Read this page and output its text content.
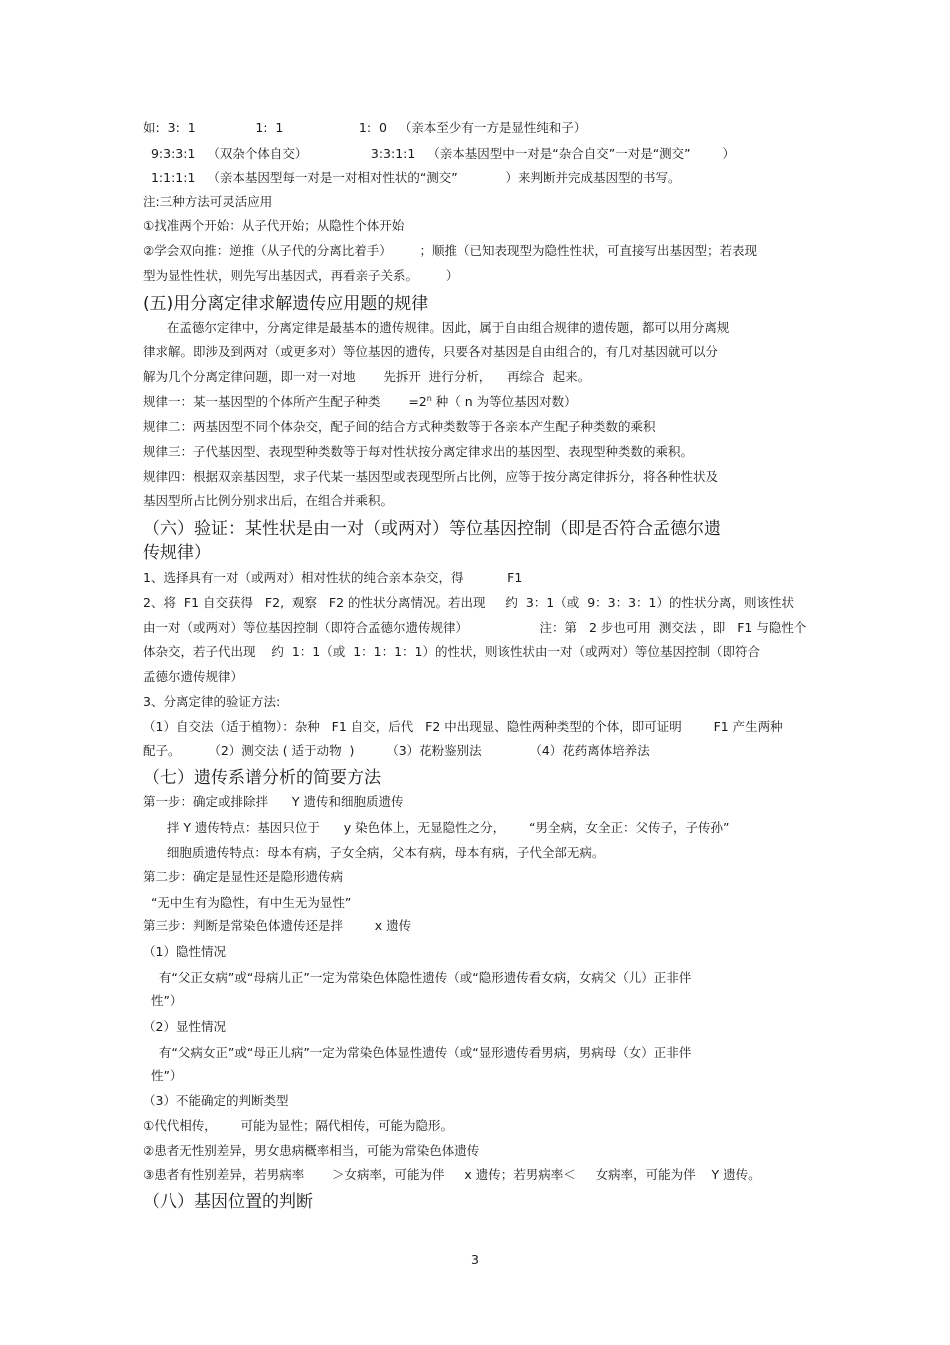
如:  3:  1               1:  1                   1:  0   （亲本至少有一方是显性纯和子）

9:3:3:1   （双杂个体自交）                3:3:1:1   （亲本基因型中一对是“杂合自交”一对是“测交”        ）

1:1:1:1   （亲本基因型每一对是一对相对性状的“测交”            ）来判断并完成基因型的书写。

注:三种方法可灵活应用

①找准两个开始：从子代开始；从隐性个体开始

②学会双向推：逆推（从子代的分离比着手）       ；顺推（已知表现型为隐性性状，可直接写出基因型；若表现

型为显性性状，则先写出基因式，再看亲子关系。       ）

(五)用分离定律求解遗传应用题的规律

在孟德尔定律中，分离定律是最基本的遗传规律。因此，属于自由组合规律的遗传题，都可以用分离规

律求解。即涉及到两对（或更多对）等位基因的遗传，只要各对基因是自由组合的，有几对基因就可以分

解为几个分离定律问题，即一对一对地       先拆开  进行分析，    再综合  起来。

规律一：某一基因型的个体所产生配子种类       $=2^n$ 种（ n 为等位基因对数）

规律二：两基因型不同个体杂交，配子间的结合方式种类数等于各亲本产生配子种类数的乘积

规律三：子代基因型、表现型种类数等于每对性状按分离定律求出的基因型、表现型种类数的乘积。

规律四：根据双亲基因型，求子代某一基因型或表现型所占比例，应等于按分离定律拆分，将各种性状及

基因型所占比例分别求出后，在组合并乘积。

（六）验证：某性状是由一对（或两对）等位基因控制（即是否符合孟德尔遗
传规律）

1、选择具有一对（或两对）相对性状的纯合亲本杂交，得           F1

2、将  F1 自交获得   F2,  观察   F2 的性状分离情况。若出现     约  3：1（或  9：3：3：1）的性状分离，则该性状

由一对（或两对）等位基因控制（即符合孟德尔遗传规律）                  注：第   2 步也可用  测交法 ，即   F1 与隐性个

体杂交，若子代出现    约  1：1（或  1：1：1：1）的性状，则该性状由一对（或两对）等位基因控制（即符合

孟德尔遗传规律）

3、分离定律的验证方法:

（1）自交法（适于植物）：杂种   F1 自交，后代   F2 中出现显、隐性两种类型的个体，即可证明        F1 产生两种

配子。       （2）测交法 ( 适于动物  )        （3）花粉鉴别法            （4）花药离体培养法

（七）遗传系谱分析的简要方法

第一步：确定或排除拌      Y 遗传和细胞质遗传

拌 Y 遗传特点：基因只位于      y 染色体上，无显隐性之分，      “男全病，女全正：父传子，子传孙”

细胞质遗传特点：母本有病，子女全病，父本有病，母本有病，子代全部无病。

第二步：确定是显性还是隐形遗传病

“无中生有为隐性，有中生无为显性”

第三步：判断是常染色体遗传还是拌        x 遗传

（1）隐性情况

有“父正女病”或“母病儿正”一定为常染色体隐性遗传（或“隐形遗传看女病，女病父（儿）正非伴

性”）

（2）显性情况

有“父病女正”或“母正儿病”一定为常染色体显性遗传（或“显形遗传看男病，男病母（女）正非伴

性”）

（3）不能确定的判断类型

①代代相传，      可能为显性；隔代相传，可能为隐形。

②患者无性别差异，男女患病概率相当，可能为常染色体遗传

③患者有性别差异，若男病率       ＞女病率，可能为伴     x 遗传；若男病率＜     女病率，可能为伴    Y 遗传。

（八）基因位置的判断
3
